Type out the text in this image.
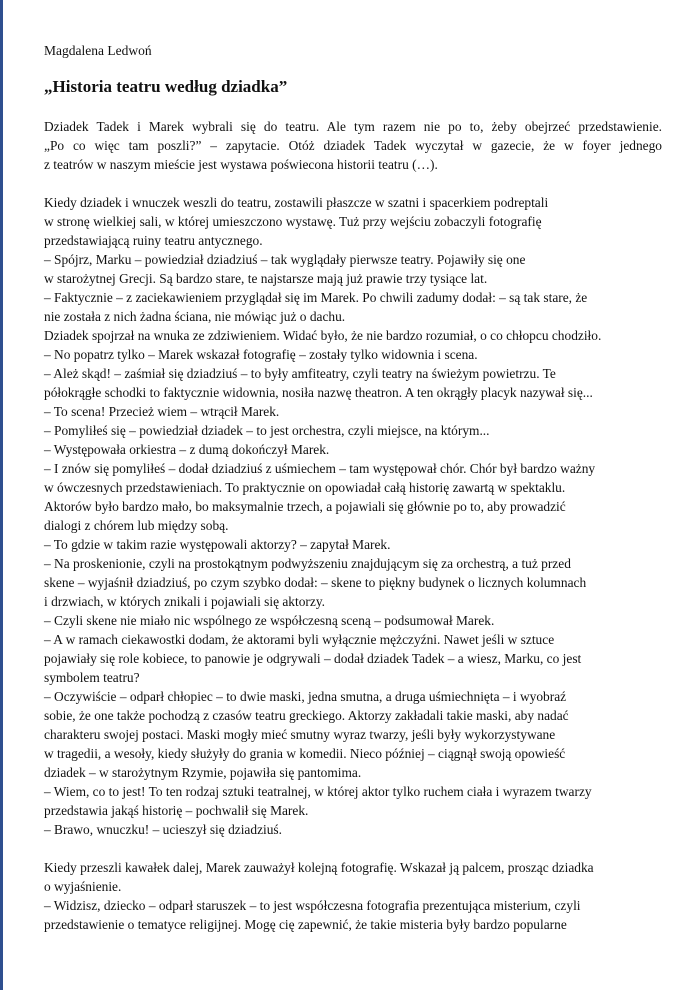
Magdalena Ledwoń
„Historia teatru według dziadka”
Dziadek Tadek i Marek wybrali się do teatru. Ale tym razem nie po to, żeby obejrzeć przedstawienie.
„Po co więc tam poszli?” – zapytacie. Otóż dziadek Tadek wyczytał w gazecie, że w foyer jednego
z teatrów w naszym mieście jest wystawa poświecona historii teatru (…).
Kiedy dziadek i wnuczek weszli do teatru, zostawili płaszcze w szatni i spacerkiem podreptali
w stronę wielkiej sali, w której umieszczono wystawę. Tuż przy wejściu zobaczyli fotografię
przedstawiającą ruiny teatru antycznego.
– Spójrz, Marku – powiedział dziadziuś – tak wyglądały pierwsze teatry. Pojawiły się one
w starożytnej Grecji. Są bardzo stare, te najstarsze mają już prawie trzy tysiące lat.
– Faktycznie – z zaciekawieniem przyglądał się im Marek. Po chwili zadumy dodał: – są tak stare, że
nie została z nich żadna ściana, nie mówiąc już o dachu.
Dziadek spojrzał na wnuka ze zdziwieniem. Widać było, że nie bardzo rozumiał, o co chłopcu chodziło.
– No popatrz tylko – Marek wskazał fotografię – zostały tylko widownia i scena.
– Ależ skąd! – zaśmiał się dziadziuś – to były amfiteatry, czyli teatry na świeżym powietrzu. Te
półokrągłe schodki to faktycznie widownia, nosiła nazwę theatron. A ten okrągły placyk nazywał się...
– To scena! Przecież wiem – wtrącił Marek.
– Pomyliłeś się – powiedział dziadek – to jest orchestra, czyli miejsce, na którym...
– Występowała orkiestra – z dumą dokończył Marek.
– I znów się pomyliłeś – dodał dziadziuś z uśmiechem – tam występował chór. Chór był bardzo ważny
w ówczesnych przedstawieniach. To praktycznie on opowiadał całą historię zawartą w spektaklu.
Aktorów było bardzo mało, bo maksymalnie trzech, a pojawiali się głównie po to, aby prowadzić
dialogi z chórem lub między sobą.
– To gdzie w takim razie występowali aktorzy? – zapytał Marek.
– Na proskenionie, czyli na prostokątnym podwyższeniu znajdującym się za orchestrą, a tuż przed
skene – wyjaśnił dziadziuś, po czym szybko dodał: – skene to piękny budynek o licznych kolumnach
i drzwiach, w których znikali i pojawiali się aktorzy.
– Czyli skene nie miało nic wspólnego ze współczesną sceną – podsumował Marek.
– A w ramach ciekawostki dodam, że aktorami byli wyłącznie mężczyźni. Nawet jeśli w sztuce
pojawiały się role kobiece, to panowie je odgrywali – dodał dziadek Tadek – a wiesz, Marku, co jest
symbolem teatru?
– Oczywiście – odparł chłopiec – to dwie maski, jedna smutna, a druga uśmiechnięta – i wyobraź
sobie, że one także pochodzą z czasów teatru greckiego. Aktorzy zakładali takie maski, aby nadać
charakteru swojej postaci. Maski mogły mieć smutny wyraz twarzy, jeśli były wykorzystywane
w tragedii, a wesoły, kiedy służyły do grania w komedii. Nieco później – ciągnął swoją opowieść
dziadek – w starożytnym Rzymie, pojawiła się pantomima.
– Wiem, co to jest! To ten rodzaj sztuki teatralnej, w której aktor tylko ruchem ciała i wyrazem twarzy
przedstawia jakąś historię – pochwalił się Marek.
– Brawo, wnuczku! – ucieszył się dziadziuś.
Kiedy przeszli kawałek dalej, Marek zauważył kolejną fotografię. Wskazał ją palcem, prosząc dziadka
o wyjaśnienie.
– Widzisz, dziecko – odparł staruszek – to jest współczesna fotografia prezentująca misterium, czyli
przedstawienie o tematyce religijnej. Mogę cię zapewnić, że takie misteria były bardzo popularne
